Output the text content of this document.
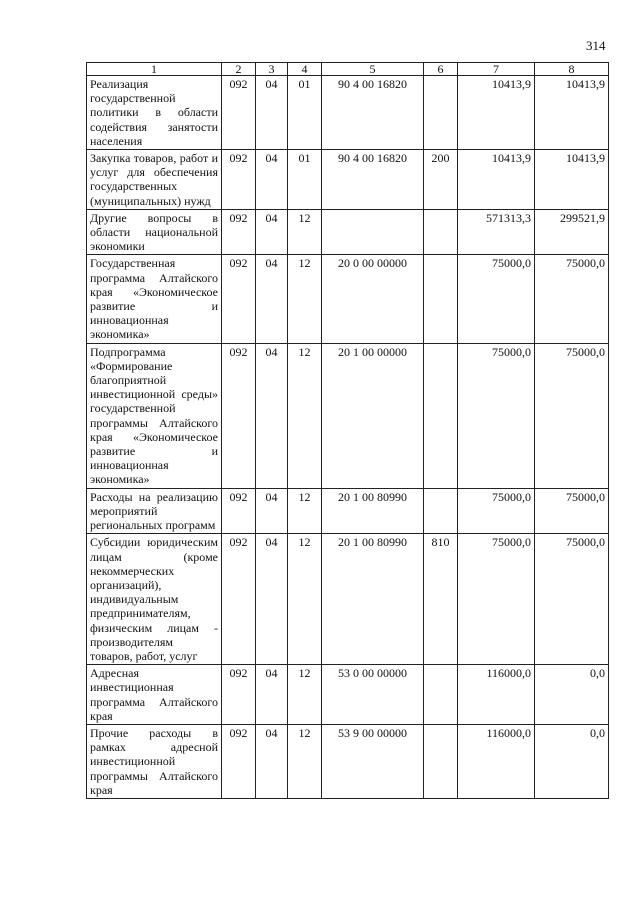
314
1	2	3	4	5	6	7	8
Реализация государственной политики в области содействия занятости населения	092	04	01	90 4 00 16820		10413,9	10413,9
Закупка товаров, работ и услуг для обеспечения государственных (муниципальных) нужд	092	04	01	90 4 00 16820	200	10413,9	10413,9
Другие вопросы в области национальной экономики	092	04	12			571313,3	299521,9
Государственная программа Алтайского края «Экономическое развитие и инновационная экономика»	092	04	12	20 0 00 00000		75000,0	75000,0
Подпрограмма «Формирование благоприятной инвестиционной среды» государственной программы Алтайского края «Экономическое развитие и инновационная экономика»	092	04	12	20 1 00 00000		75000,0	75000,0
Расходы на реализацию мероприятий региональных программ	092	04	12	20 1 00 80990		75000,0	75000,0
Субсидии юридическим лицам (кроме некоммерческих организаций), индивидуальным предпринимателям, физическим лицам - производителям товаров, работ, услуг	092	04	12	20 1 00 80990	810	75000,0	75000,0
Адресная инвестиционная программа Алтайского края	092	04	12	53 0 00 00000		116000,0	0,0
Прочие расходы в рамках адресной инвестиционной программы Алтайского края	092	04	12	53 9 00 00000		116000,0	0,0
